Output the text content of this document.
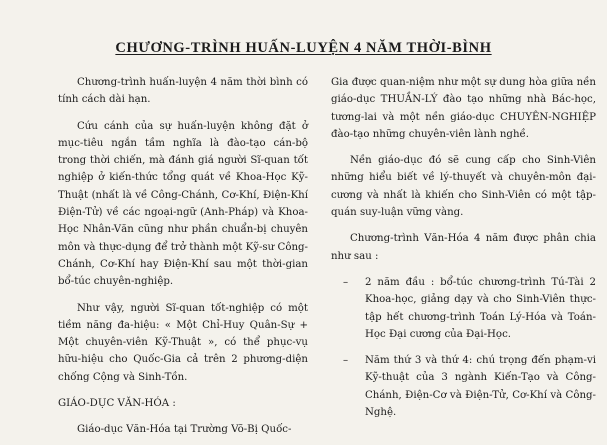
CHƯƠNG-TRÌNH HUẤN-LUYỆN 4 NĂM THỜI-BÌNH

Chương-trình huấn-luyện 4 năm thời bình có tính cách dài hạn.

Cứu cánh của sự huấn-luyện không đặt ở mục-tiêu ngắn tầm nghĩa là đào-tạo cán-bộ trong thời chiến, mà đánh giá người Sĩ-quan tốt nghiệp ở kiến-thức tổng quát về Khoa-Học Kỹ-Thuật (nhất là về Công-Chánh, Cơ-Khí, Điện-Khí Điện-Tử) về các ngoại-ngữ (Anh-Pháp) và Khoa-Học Nhân-Văn cũng như phần chuẩn-bị chuyên môn và thực-dụng để trở thành một Kỹ-sư Công-Chánh, Cơ-Khí hay Điện-Khí sau một thời-gian bổ-túc chuyên-nghiệp.

Như vậy, người Sĩ-quan tốt-nghiệp có một tiềm năng đa-hiệu: « Một Chỉ-Huy Quân-Sự + Một chuyên-viên Kỹ-Thuật », có thể phục-vụ hữu-hiệu cho Quốc-Gia cả trên 2 phương-diện chống Cộng và Sinh-Tồn.

GIÁO-DỤC VĂN-HÓA :

Giáo-dục Văn-Hóa tại Trường Võ-Bị Quốc-

Gia được quan-niệm như một sự dung hòa giữa nền giáo-dục THUẦN-LÝ đào tạo những nhà Bác-học, tương-lai và một nền giáo-dục CHUYÊN-NGHIỆP đào-tạo những chuyên-viên lành nghề.

Nền giáo-dục đó sẽ cung cấp cho Sinh-Viên những hiểu biết về lý-thuyết và chuyên-môn đại-cương và nhất là khiến cho Sinh-Viên có một tập-quán suy-luận vững vàng.

Chương-trình Văn-Hóa 4 năm được phân chia như sau :

– 2 năm đầu : bổ-túc chương-trình Tú-Tài 2 Khoa-học, giảng dạy và cho Sinh-Viên thực-tập hết chương-trình Toán Lý-Hóa và Toán-Học Đại cương của Đại-Học.
– Năm thứ 3 và thứ 4: chú trọng đến phạm-vi Kỹ-thuật của 3 ngành Kiến-Tạo và Công-Chánh, Điện-Cơ và Điện-Tử, Cơ-Khí và Công-Nghệ.
